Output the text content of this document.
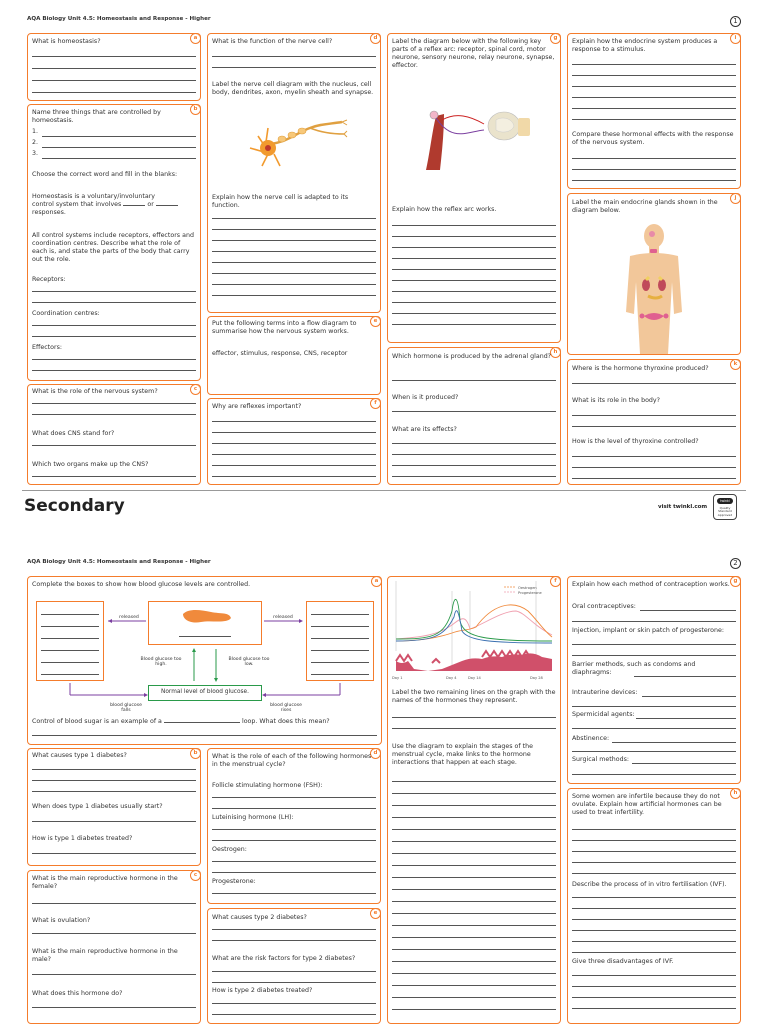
AQA Biology Unit 4.5: Homeostasis and Response - Higher	1
a
What is homeostasis?
b
Name three things that are controlled by homeostasis.
1.
2.
3.
Choose the correct word and fill in the blanks:
Homeostasis is a voluntary/involuntary
control system that involves	or
responses.
All control systems include receptors, effectors and coordination centres. Describe what the role of each is, and state the parts of the body that carry out the role.
Receptors:
Coordination centres:
Effectors:
c
What is the role of the nervous system?
What does CNS stand for?
Which two organs make up the CNS?
d
What is the function of the nerve cell?
Label the nerve cell diagram with the nucleus, cell body, dendrites, axon, myelin sheath and synapse.
Explain how the nerve cell is adapted to its function.
e
Put the following terms into a flow diagram to summarise how the nervous system works.
effector, stimulus, response, CNS, receptor
f
Why are reflexes important?
g
Label the diagram below with the following key parts of a reflex arc: receptor, spinal cord, motor neurone, sensory neurone, relay neurone, synapse, effector.
Explain how the reflex arc works.
h
Which hormone is produced by the adrenal gland?
When is it produced?
What are its effects?
i
Explain how the endocrine system produces a response to a stimulus.
Compare these hormonal effects with the response of the nervous system.
j
Label the main endocrine glands shown in the diagram below.
k
Where is the hormone thyroxine produced?
What is its role in the body?
How is the level of thyroxine controlled?
Secondary	visit twinkl.com
twinkl
Quality Standard Approved
AQA Biology Unit 4.5: Homeostasis and Response - Higher	2
a
Complete the boxes to show how blood glucose levels are controlled.
released	released
Blood glucose too high.
Blood glucose too low.
Normal level of blood glucose.
blood glucose falls
blood glucose rises
Control of blood sugar is an example of a	loop. What does this mean?
b
What causes type 1 diabetes?
When does type 1 diabetes usually start?
How is type 1 diabetes treated?
c
What is the main reproductive hormone in the female?
What is ovulation?
What is the main reproductive hormone in the male?
What does this hormone do?
d
What is the role of each of the following hormones in the menstrual cycle?
Follicle stimulating hormone (FSH):
Luteinising hormone (LH):
Oestrogen:
Progesterone:
e
What causes type 2 diabetes?
What are the risk factors for type 2 diabetes?
How is type 2 diabetes treated?
f
Oestrogen
Progesterone
Day 1	Day 4	Day 14	Day 28
Label the two remaining lines on the graph with the names of the hormones they represent.
Use the diagram to explain the stages of the menstrual cycle, make links to the hormone interactions that happen at each stage.
g
Explain how each method of contraception works.
Oral contraceptives:
Injection, implant or skin patch of progesterone:
Barrier methods, such as condoms and diaphragms:
Intrauterine devices:
Spermicidal agents:
Abstinence:
Surgical methods:
h
Some women are infertile because they do not ovulate. Explain how artificial hormones can be used to treat infertility.
Describe the process of in vitro fertilisation (IVF).
Give three disadvantages of IVF.
